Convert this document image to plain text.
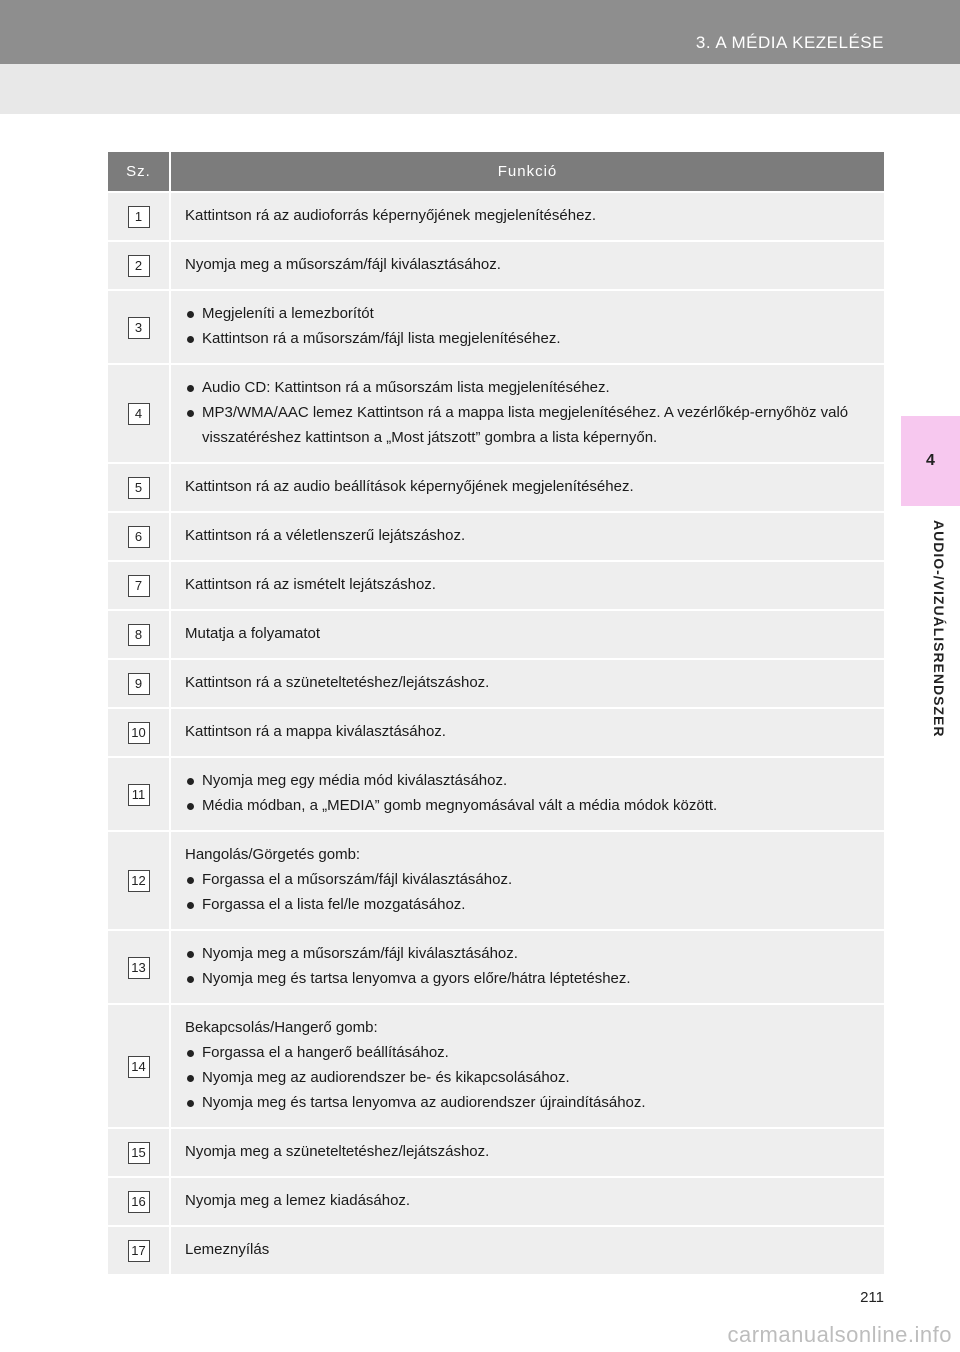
3. A MÉDIA KEZELÉSE
4
AUDIO-/VIZUÁLISRENDSZER
Sz.	Funkció
1	Kattintson rá az audioforrás képernyőjének megjelenítéséhez.

2	Nyomja meg a műsorszám/fájl kiválasztásához.

3	Megjeleníti a lemezborítót
Kattintson rá a műsorszám/fájl lista megjelenítéséhez.

4	Audio CD: Kattintson rá a műsorszám lista megjelenítéséhez.
MP3/WMA/AAC lemez Kattintson rá a mappa lista megjelenítéséhez. A vezérlőkép-ernyőhöz való visszatéréshez kattintson a „Most játszott” gombra a lista képernyőn.

5	Kattintson rá az audio beállítások képernyőjének megjelenítéséhez.

6	Kattintson rá a véletlenszerű lejátszáshoz.

7	Kattintson rá az ismételt lejátszáshoz.

8	Mutatja a folyamatot

9	Kattintson rá a szüneteltetéshez/lejátszáshoz.

10	Kattintson rá a mappa kiválasztásához.

11	Nyomja meg egy média mód kiválasztásához.
Média módban, a „MEDIA” gomb megnyomásával vált a média módok között.

12	Hangolás/Görgetés gomb:
Forgassa el a műsorszám/fájl kiválasztásához.
Forgassa el a lista fel/le mozgatásához.

13	Nyomja meg a műsorszám/fájl kiválasztásához.
Nyomja meg és tartsa lenyomva a gyors előre/hátra léptetéshez.

14	Bekapcsolás/Hangerő gomb:
Forgassa el a hangerő beállításához.
Nyomja meg az audiorendszer be- és kikapcsolásához.
Nyomja meg és tartsa lenyomva az audiorendszer újraindításához.

15	Nyomja meg a szüneteltetéshez/lejátszáshoz.

16	Nyomja meg a lemez kiadásához.

17	Lemeznyílás
211
carmanualsonline.info
